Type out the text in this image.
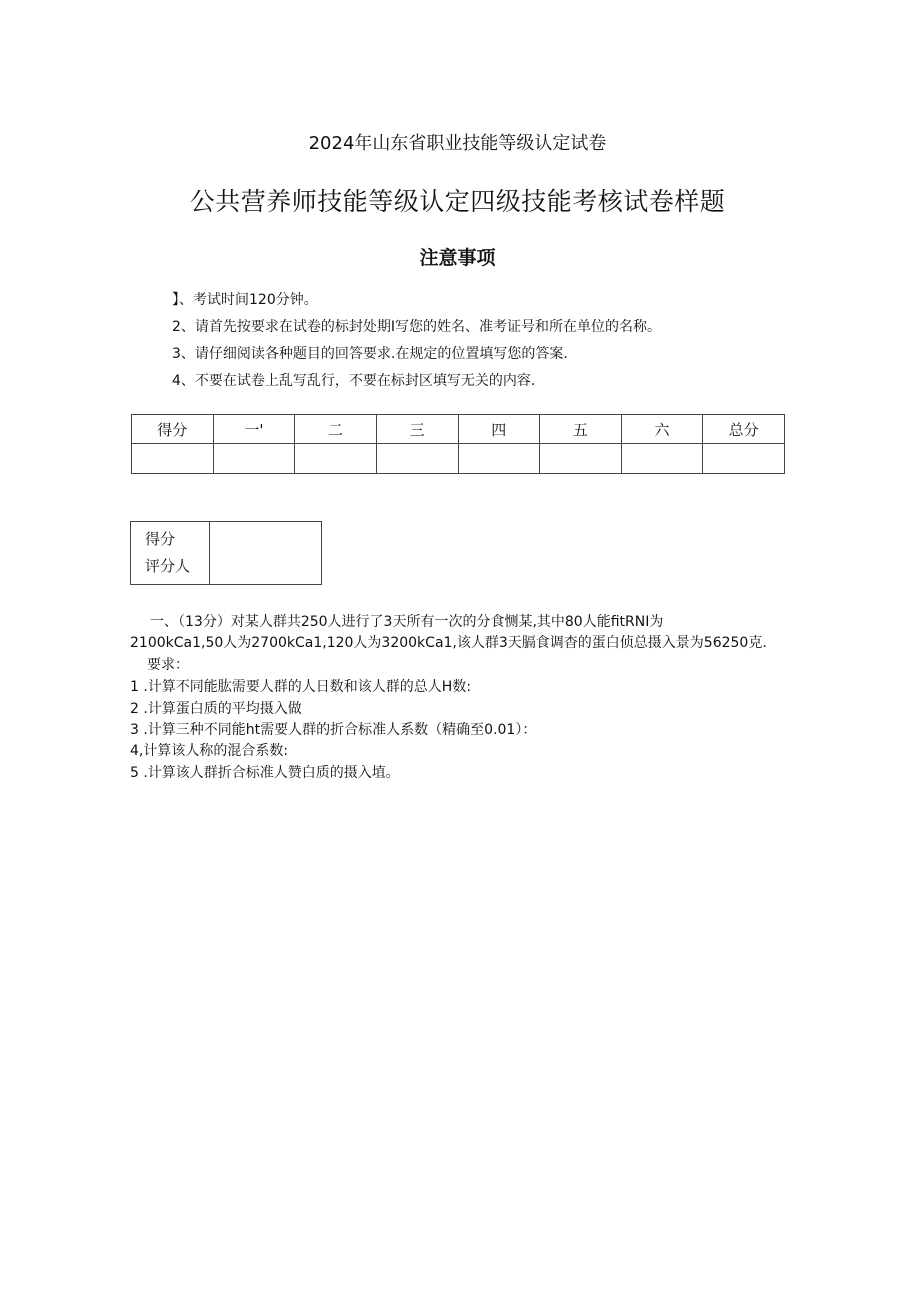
2024年山东省职业技能等级认定试卷
公共营养师技能等级认定四级技能考核试卷样题
注意事项
】、考试时间120分钟。
2、请首先按要求在试卷的标封处期I写您的姓名、准考证号和所在单位的名称。
3、请仔细阅读各种题目的回答要求.在规定的位置填写您的答案.
4、不要在试卷上乱写乱行，不要在标封区填写无关的内容.
得分	一'	二	三	四	五	六	总分

得分
评分人

一、（13分）对某人群共250人进行了3天所有一次的分食恻某,其中80人能fitRNI为
2100kCa1,50人为2700kCa1,120人为3200kCa1,该人群3天膈食调杳的蛋白侦总摄入景为56250克.
要求：
1 .计算不同能肱需要人群的人日数和该人群的总人H数:
2 .计算蛋白质的平均摄入做
3 .计算三种不同能ht需要人群的折合标准人系数（精确至0.01）：
4,计算该人称的混合系数:
5 .计算该人群折合标准人赞白质的摄入埴。
